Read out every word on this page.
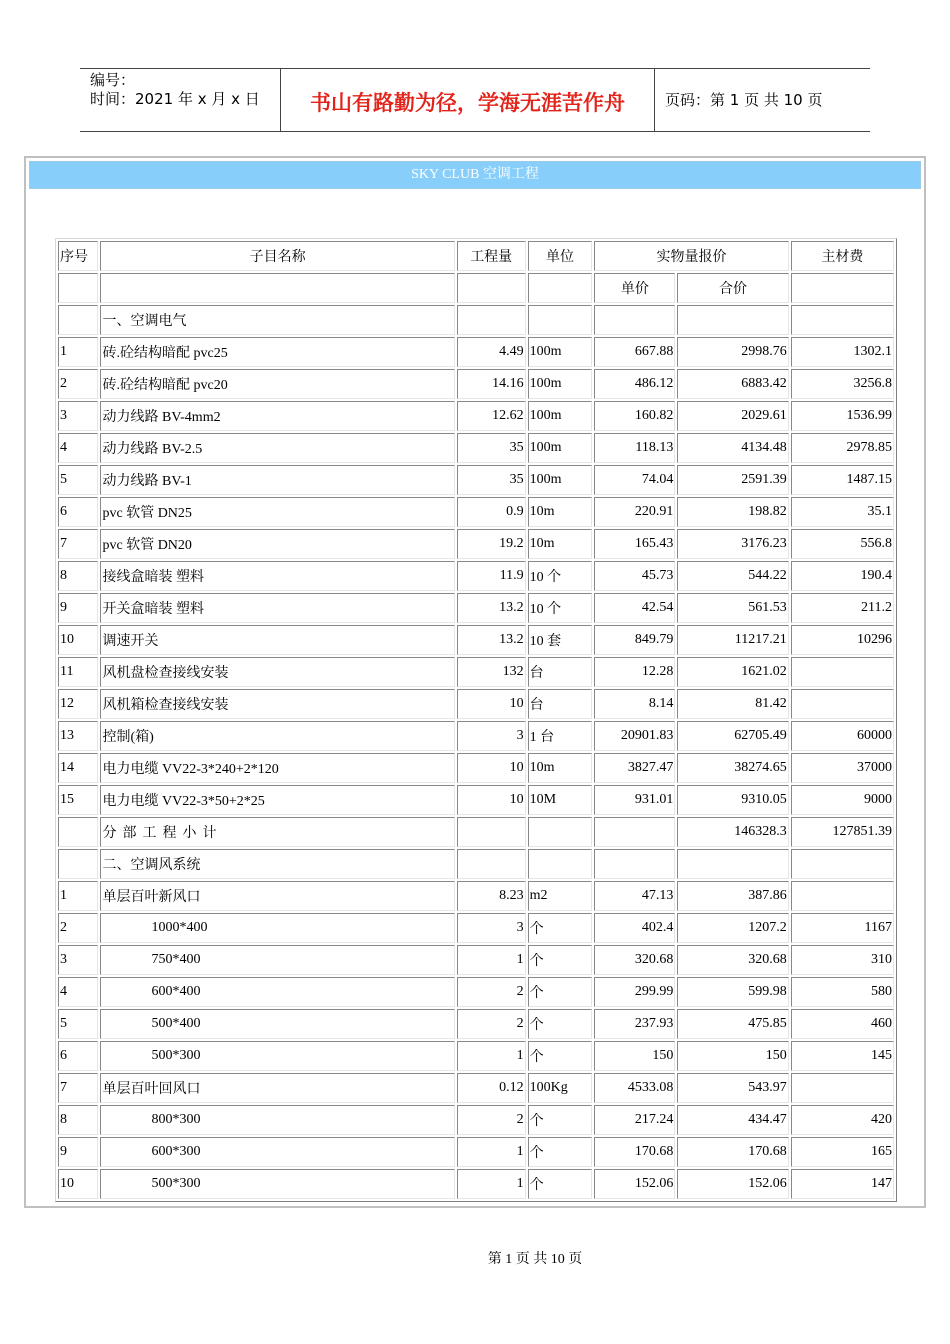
编号：
时间：2021 年 x 月 x 日	书山有路勤为径，学海无涯苦作舟	页码：第 1 页 共 10 页
SKY CLUB 空调工程
序号	子目名称	工程量	单位	实物量报价		主材费
				单价	合价	
	一、空调电气					
1	砖.砼结构暗配 pvc25	4.49	100m	667.88	2998.76	1302.1
2	砖.砼结构暗配 pvc20	14.16	100m	486.12	6883.42	3256.8
3	动力线路 BV-4mm2	12.62	100m	160.82	2029.61	1536.99
4	动力线路 BV-2.5	35	100m	118.13	4134.48	2978.85
5	动力线路 BV-1	35	100m	74.04	2591.39	1487.15
6	pvc 软管 DN25	0.9	10m	220.91	198.82	35.1
7	pvc 软管 DN20	19.2	10m	165.43	3176.23	556.8
8	接线盒暗装 塑料	11.9	10 个	45.73	544.22	190.4
9	开关盒暗装 塑料	13.2	10 个	42.54	561.53	211.2
10	调速开关	13.2	10 套	849.79	11217.21	10296
11	风机盘检查接线安装	132	台	12.28	1621.02	
12	风机箱检查接线安装	10	台	8.14	81.42	
13	控制(箱)	3	1 台	20901.83	62705.49	60000
14	电力电缆 VV22-3*240+2*120	10	10m	3827.47	38274.65	37000
15	电力电缆 VV22-3*50+2*25	10	10M	931.01	9310.05	9000
	分部工程小计				146328.3	127851.39
	二、空调风系统					
1	单层百叶新风口	8.23	m2	47.13	387.86	
2	1000*400	3	个	402.4	1207.2	1167
3	750*400	1	个	320.68	320.68	310
4	600*400	2	个	299.99	599.98	580
5	500*400	2	个	237.93	475.85	460
6	500*300	1	个	150	150	145
7	单层百叶回风口	0.12	100Kg	4533.08	543.97	
8	800*300	2	个	217.24	434.47	420
9	600*300	1	个	170.68	170.68	165
10	500*300	1	个	152.06	152.06	147
第 1 页 共 10 页
